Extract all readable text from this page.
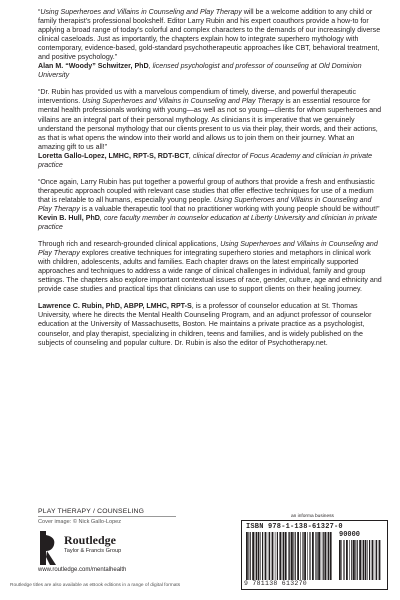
“Using Superheroes and Villains in Counseling and Play Therapy will be a welcome addition to any child or family therapist’s professional bookshelf. Editor Larry Rubin and his expert coauthors provide a how-to for applying a broad range of today’s colorful and complex characters to the demands of our increasingly diverse clinical caseloads. Just as importantly, the chapters explain how to integrate superhero mythology with contemporary, evidence-based, gold-standard psychotherapeutic approaches like CBT, behavioral treatment, and positive psychology.”

Alan M. “Woody” Schwitzer, PhD, licensed psychologist and professor of counseling at Old Dominion University

“Dr. Rubin has provided us with a marvelous compendium of timely, diverse, and powerful therapeutic interventions. Using Superheroes and Villains in Counseling and Play Therapy is an essential resource for mental health professionals working with young—as well as not so young—clients for whom superheroes and villains are an integral part of their personal mythology. As clinicians it is imperative that we genuinely understand the personal mythology that our clients present to us via their play, their words, and their actions, as that is what opens the window into their world and allows us to join them on their journey. What an amazing gift to us all!”

Loretta Gallo-Lopez, LMHC, RPT-S, RDT-BCT, clinical director of Focus Academy and clinician in private practice

“Once again, Larry Rubin has put together a powerful group of authors that provide a fresh and enthusiastic therapeutic approach coupled with relevant case studies that offer effective techniques for use of a medium that is relatable to all humans, especially young people. Using Superheroes and Villains in Counseling and Play Therapy is a valuable therapeutic tool that no practitioner working with young people should be without!”

Kevin B. Hull, PhD, core faculty member in counselor education at Liberty University and clinician in private practice

Through rich and research-grounded clinical applications, Using Superheroes and Villains in Counseling and Play Therapy explores creative techniques for integrating superhero stories and metaphors in clinical work with children, adolescents, adults and families. Each chapter draws on the latest empirically supported approaches and techniques to address a wide range of clinical challenges in individual, family and group settings. The chapters also explore important contextual issues of race, gender, culture, age and ethnicity and provide case studies and practical tips that clinicians can use to support clients on their healing journey.

Lawrence C. Rubin, PhD, ABPP, LMHC, RPT-S, is a professor of counselor education at St. Thomas University, where he directs the Mental Health Counseling Program, and an adjunct professor of counselor education at the University of Massachusetts, Boston. He maintains a private practice as a psychologist, counselor, and play therapist, specializing in children, teens and families, and is widely published on the subjects of counseling and popular culture. Dr. Rubin is also the editor of Psychotherapy.net.

PLAY THERAPY / COUNSELING
Cover image: © Nick Gallo-Lopez
Routledge
Taylor & Francis Group
www.routledge.com/mentalhealth
Routledge titles are also available as eBook editions in a range of digital formats
an informa business
ISBN 978-1-138-61327-0
90000
9 781138 613270
